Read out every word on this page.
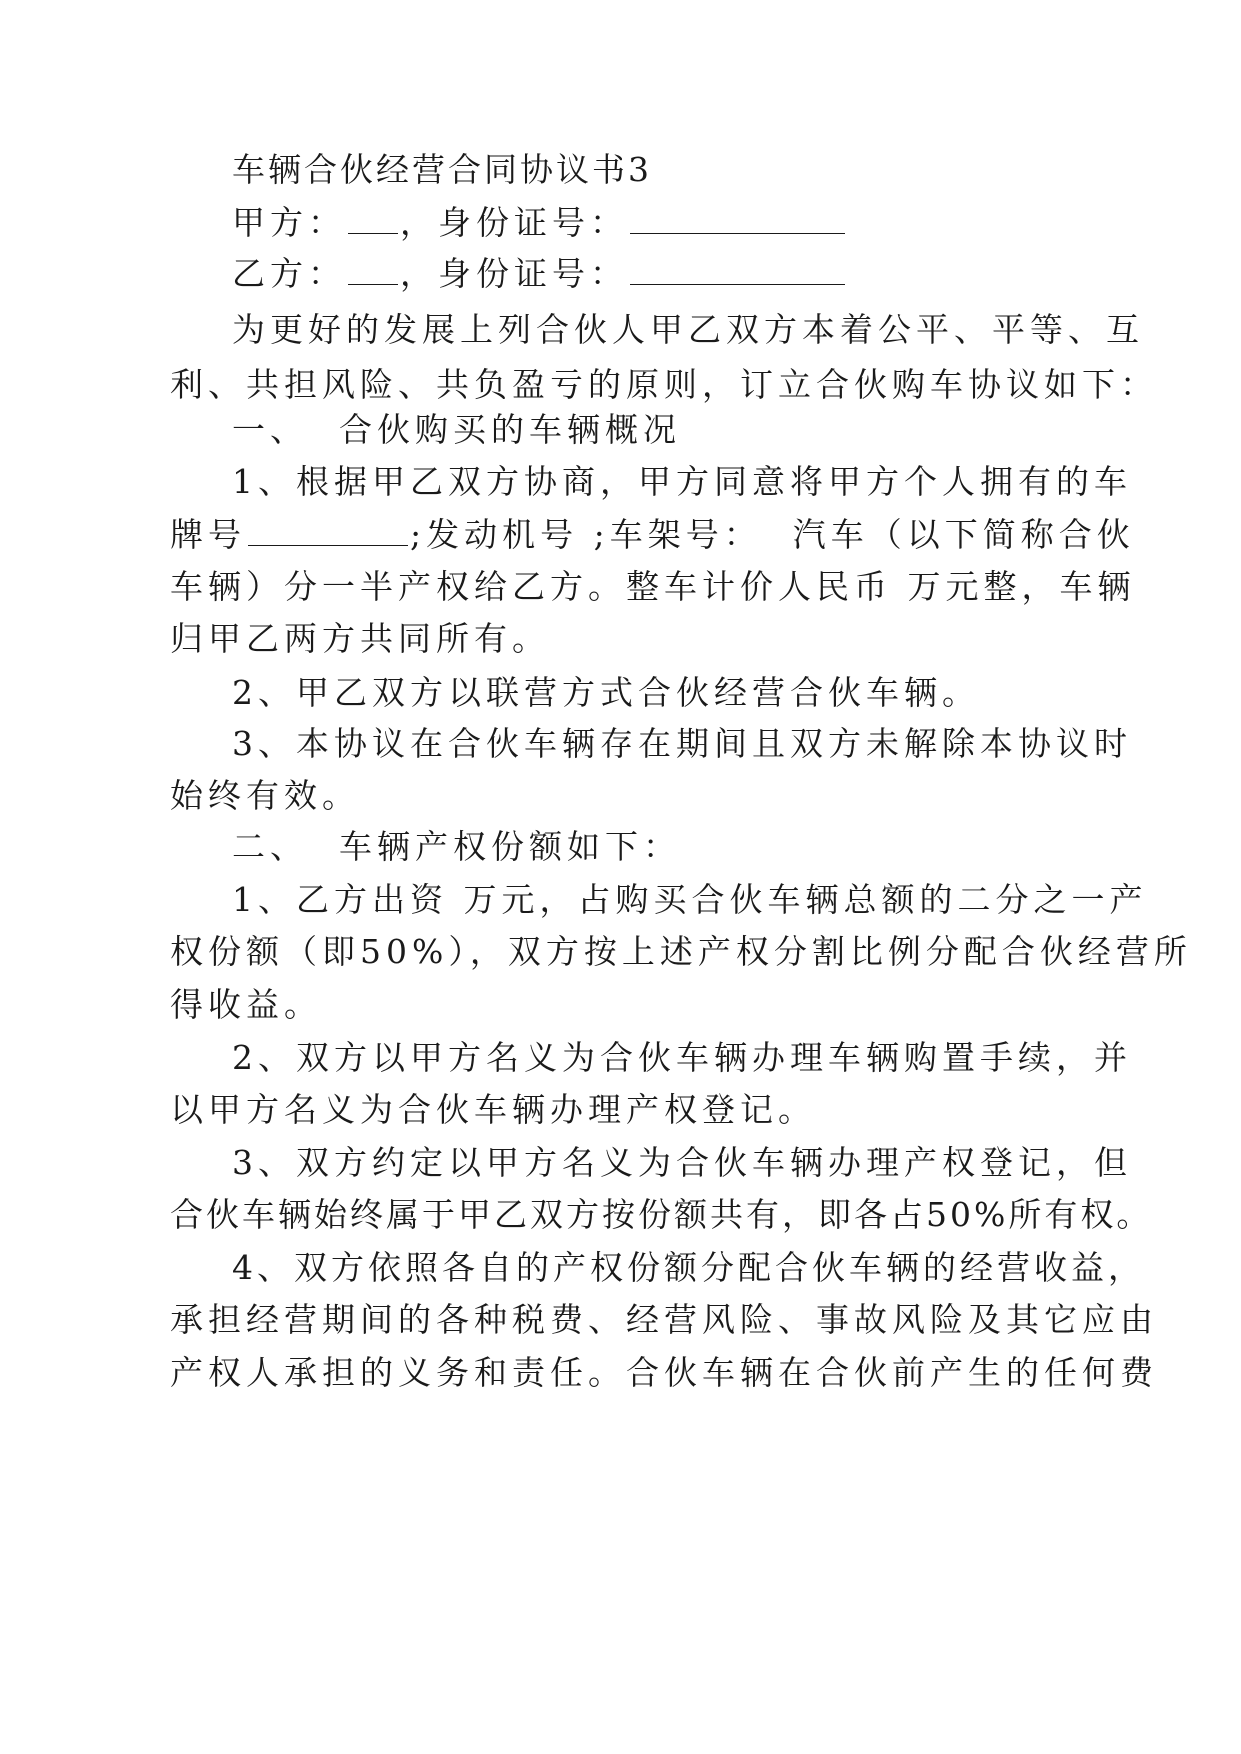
车辆合伙经营合同协议书3
甲方： ，身份证号：
乙方： ，身份证号：
为更好的发展上列合伙人甲乙双方本着公平、平等、互
利、共担风险、共负盈亏的原则，订立合伙购车协议如下：
一、  合伙购买的车辆概况
1、根据甲乙双方协商，甲方同意将甲方个人拥有的车
牌号	;发动机号 ;车架号：  汽车（以下简称合伙
车辆）分一半产权给乙方。整车计价人民币 万元整，车辆
归甲乙两方共同所有。
2、甲乙双方以联营方式合伙经营合伙车辆。
3、本协议在合伙车辆存在期间且双方未解除本协议时
始终有效。
二、  车辆产权份额如下：
1、乙方出资 万元，占购买合伙车辆总额的二分之一产
权份额（即50%），双方按上述产权分割比例分配合伙经营所
得收益。
2、双方以甲方名义为合伙车辆办理车辆购置手续，并
以甲方名义为合伙车辆办理产权登记。
3、双方约定以甲方名义为合伙车辆办理产权登记，但
合伙车辆始终属于甲乙双方按份额共有，即各占50%所有权。
4、双方依照各自的产权份额分配合伙车辆的经营收益，
承担经营期间的各种税费、经营风险、事故风险及其它应由
产权人承担的义务和责任。合伙车辆在合伙前产生的任何费
